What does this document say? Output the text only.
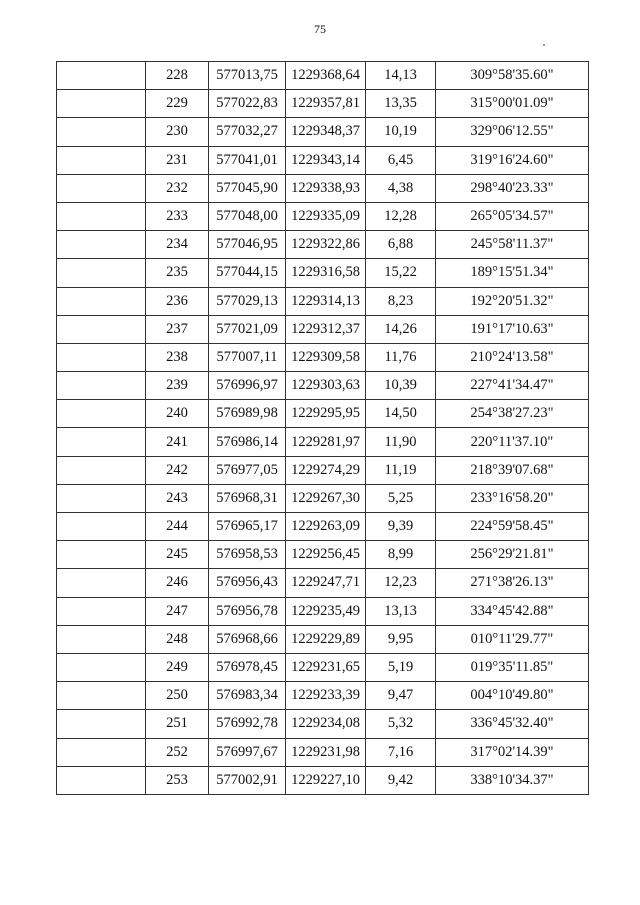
75
	228	577013,75	1229368,64	14,13	309°58'35.60"
	229	577022,83	1229357,81	13,35	315°00'01.09"
	230	577032,27	1229348,37	10,19	329°06'12.55"
	231	577041,01	1229343,14	6,45	319°16'24.60"
	232	577045,90	1229338,93	4,38	298°40'23.33"
	233	577048,00	1229335,09	12,28	265°05'34.57"
	234	577046,95	1229322,86	6,88	245°58'11.37"
	235	577044,15	1229316,58	15,22	189°15'51.34"
	236	577029,13	1229314,13	8,23	192°20'51.32"
	237	577021,09	1229312,37	14,26	191°17'10.63"
	238	577007,11	1229309,58	11,76	210°24'13.58"
	239	576996,97	1229303,63	10,39	227°41'34.47"
	240	576989,98	1229295,95	14,50	254°38'27.23"
	241	576986,14	1229281,97	11,90	220°11'37.10"
	242	576977,05	1229274,29	11,19	218°39'07.68"
	243	576968,31	1229267,30	5,25	233°16'58.20"
	244	576965,17	1229263,09	9,39	224°59'58.45"
	245	576958,53	1229256,45	8,99	256°29'21.81"
	246	576956,43	1229247,71	12,23	271°38'26.13"
	247	576956,78	1229235,49	13,13	334°45'42.88"
	248	576968,66	1229229,89	9,95	010°11'29.77"
	249	576978,45	1229231,65	5,19	019°35'11.85"
	250	576983,34	1229233,39	9,47	004°10'49.80"
	251	576992,78	1229234,08	5,32	336°45'32.40"
	252	576997,67	1229231,98	7,16	317°02'14.39"
	253	577002,91	1229227,10	9,42	338°10'34.37"
